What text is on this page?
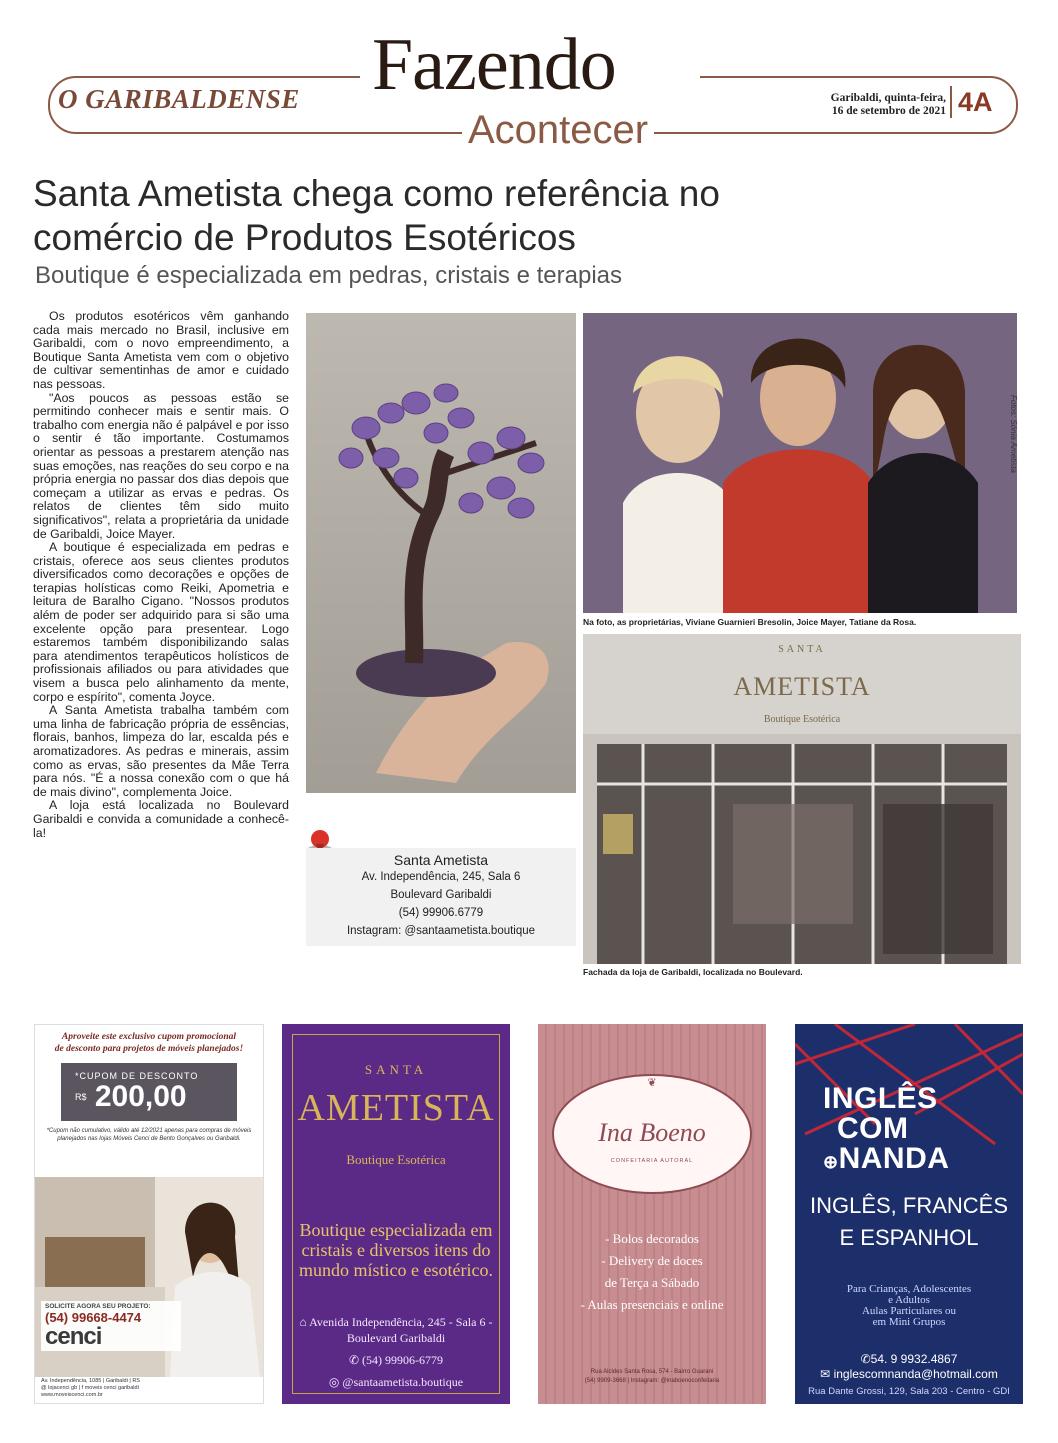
O GARIBALDENSE Fazendo
Acontecer
Garibaldi, quinta-feira,
16 de setembro de 2021 4A
Santa Ametista chega como referência no comércio de Produtos Esotéricos
Boutique é especializada em pedras, cristais e terapias

Os produtos esotéricos vêm ganhando cada mais mercado no Brasil, inclusive em Garibaldi, com o novo empreendimento, a Boutique Santa Ametista vem com o objetivo de cultivar sementinhas de amor e cuidado nas pessoas.

"Aos poucos as pessoas estão se permitindo conhecer mais e sentir mais. O trabalho com energia não é palpável e por isso o sentir é tão importante. Costumamos orientar as pessoas a prestarem atenção nas suas emoções, nas reações do seu corpo e na própria energia no passar dos dias depois que começam a utilizar as ervas e pedras. Os relatos de clientes têm sido muito significativos", relata a proprietária da unidade de Garibaldi, Joice Mayer.

A boutique é especializada em pedras e cristais, oferece aos seus clientes produtos diversificados como decorações e opções de terapias holísticas como Reiki, Apometria e leitura de Baralho Cigano. "Nossos produtos além de poder ser adquirido para si são uma excelente opção para presentear. Logo estaremos também disponibilizando salas para atendimentos terapêuticos holísticos de profissionais afiliados ou para atividades que visem a busca pelo alinhamento da mente, corpo e espírito", comenta Joyce.

A Santa Ametista trabalha também com uma linha de fabricação própria de essências, florais, banhos, limpeza do lar, escalda pés e aromatizadores. As pedras e minerais, assim como as ervas, são presentes da Mãe Terra para nós. "É a nossa conexão com o que há de mais divino", complementa Joice.

A loja está localizada no Boulevard Garibaldi e convida a comunidade a conhecê-la!

Fotos: Sônia Ametista
Na foto, as proprietárias, Viviane Guarnieri Bresolin, Joice Mayer, Tatiane da Rosa.
SANTA
AMETISTA
Boutique Esotérica
Fachada da loja de Garibaldi, localizada no Boulevard.
Santa Ametista
Av. Independência, 245, Sala 6
Boulevard Garibaldi
(54) 99906.6779
Instagram: @santaametista.boutique
Aproveite este exclusivo cupom promocional
de desconto para projetos de móveis planejados!
*CUPOM DE DESCONTO
$^{R\$}$ 200,00
*Cupom não cumulativo, válido até 12/2021 apenas para compras de móveis planejados nas lojas Móveis Cenci de Bento Gonçalves ou Garibaldi.
SOLICITE AGORA SEU PROJETO:
(54) 99668-4474
cenci
Av. Independência, 1085 | Garibaldi | RS
@ lojacenci gb | f moveis cenci garibaldi
www.moveiscenci.com.br
SANTA
AMETISTA
Boutique Esotérica
Boutique especializada em cristais e diversos itens do mundo místico e esotérico.
⌂ Avenida Independência, 245 - Sala 6 - Boulevard Garibaldi
✆ (54) 99906-6779
◎ @santaametista.boutique
❦
Ina Boeno
CONFEITARIA AUTORAL
- Bolos decorados
- Delivery de doces
de Terça a Sábado
- Aulas presenciais e online
Rua Alcides Santa Rosa, 574 - Bairro Guarani
(54) 9909-3668 | Instagram: @inaboenoconfeitaria
INGLÊS
COM
⊕NANDA
INGLÊS, FRANCÊS
E ESPANHOL
Para Crianças, Adolescentes
e Adultos
Aulas Particulares ou
em Mini Grupos
✆54. 9 9932.4867
✉ inglescomnanda@hotmail.com
Rua Dante Grossi, 129, Sala 203 - Centro - GDI
